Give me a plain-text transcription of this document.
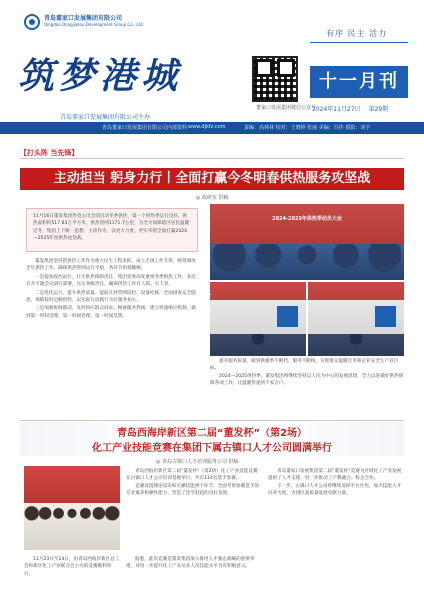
青岛董家口发展集团有限公司
Qingdao Dongjiakou Development Group Co., Ltd.
筑梦港城
青岛董家口发展集团有限公司主办
董家口发展集团微信公众号
有序 民主 活力
十一月刊
2024年11月27日 第29期
青岛董家口发展集团有限公司内部资料 www.djkfz.com	责编：高林林 校对：王晓婷 张丽 美编：冯佳 摄影：刘宇
【打头阵 当先锋】
主动担当 躬身力行丨全面打赢今冬明春供热服务攻坚战
◎ 政研室 供稿
11月16日董发集团热电公司全面启动冬季供热，第一个供热季运行良好。供热面积约517.83万平方米，供热管网1171.7公里，为全力保障辖区居民温暖过冬，集团上下统一思想、主动作为，以更大力度、更实举措全面打赢2024—2025年度供热攻坚战。

董发集团坚持把供热工作作为重大民生工程来抓，成立专项工作专班，统筹调度全年供热工作，确保供热管网运行平稳，各环节衔接顺畅。

一是提高政治站位，扛牢供热保障责任。集团党委高度重视冬季供热工作，多次召开专题会议研究部署，压实各级责任，确保供热工作有人抓、有人管。

二是优化运行，提升供热质量。提前开展管网巡检、设备检修，全面排查安全隐患，保障按时足额供热，以实际行动践行为民服务初心。

三是加强协调联动，及时回应群众诉求。畅通服务热线，建立快速响应机制，做到第一时间受理、第一时间处理、第一时间反馈。

2024-2025年供热季动员大会

提升服务质量，做到供暖季不断档、服务不断线，实现群众温暖过冬和企业安全生产双目标。

2024—2025供热季，董发集团将继续坚持以人民为中心的发展思想，全力以赴做好供热保障各项工作，让温暖传递到千家万户。

青岛西海岸新区第二届“董发杯”（第2场）
化工产业技能竞赛在集团下属古镇口人才公司圆满举行
◎ 青岛古镇口人才培训服务公司 供稿

11月23日至24日，由青岛西海岸新区总工会和新区化工产业联合会主办的竞赛顺利举行。

青岛西海岸新区第二届“董发杯”（第2场）化工产业技能竞赛在古镇口人才公司培训基地举行，共有114名选手参赛。

竞赛设置理论知识和实操技能两个环节，全面考察参赛选手的专业素养和操作能力，营造了比学赶超的良好氛围。

据悉，此次竞赛是董发集团深入推进人才强企战略的重要举措，对进一步提升化工产业从业人员技能水平具有积极意义。

青岛董家口发展集团第二届“董发杯”竞赛为区域化工产业发展提供了人才支撑，进一步推动了产教融合、校企合作。

下一步，古镇口人才公司将继续发挥平台作用，加大技能人才培养力度，为园区高质量发展贡献力量。
